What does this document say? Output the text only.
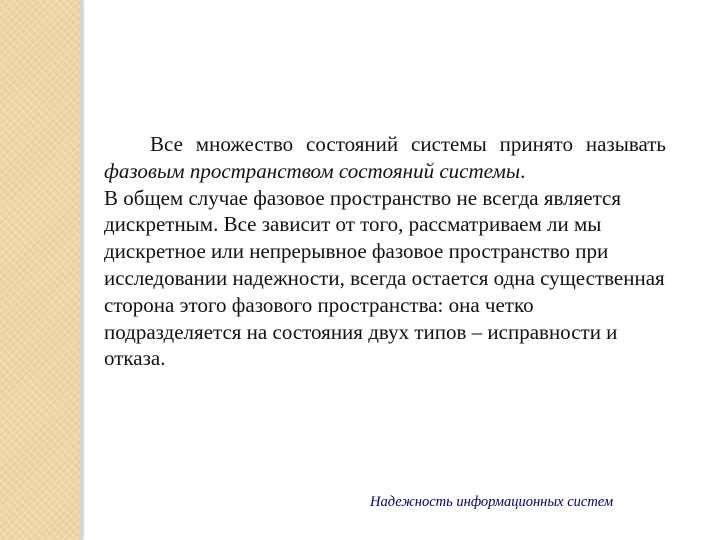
Все множество состояний системы принято называть фазовым пространством состояний системы.

В общем случае фазовое пространство не всегда является дискретным. Все зависит от того, рассматриваем ли мы дискретное или непрерывное фазовое пространство при исследовании надежности, всегда остается одна существенная сторона этого фазового пространства: она четко подразделяется на состояния двух типов – исправности и отказа.

Надежность информационных систем
